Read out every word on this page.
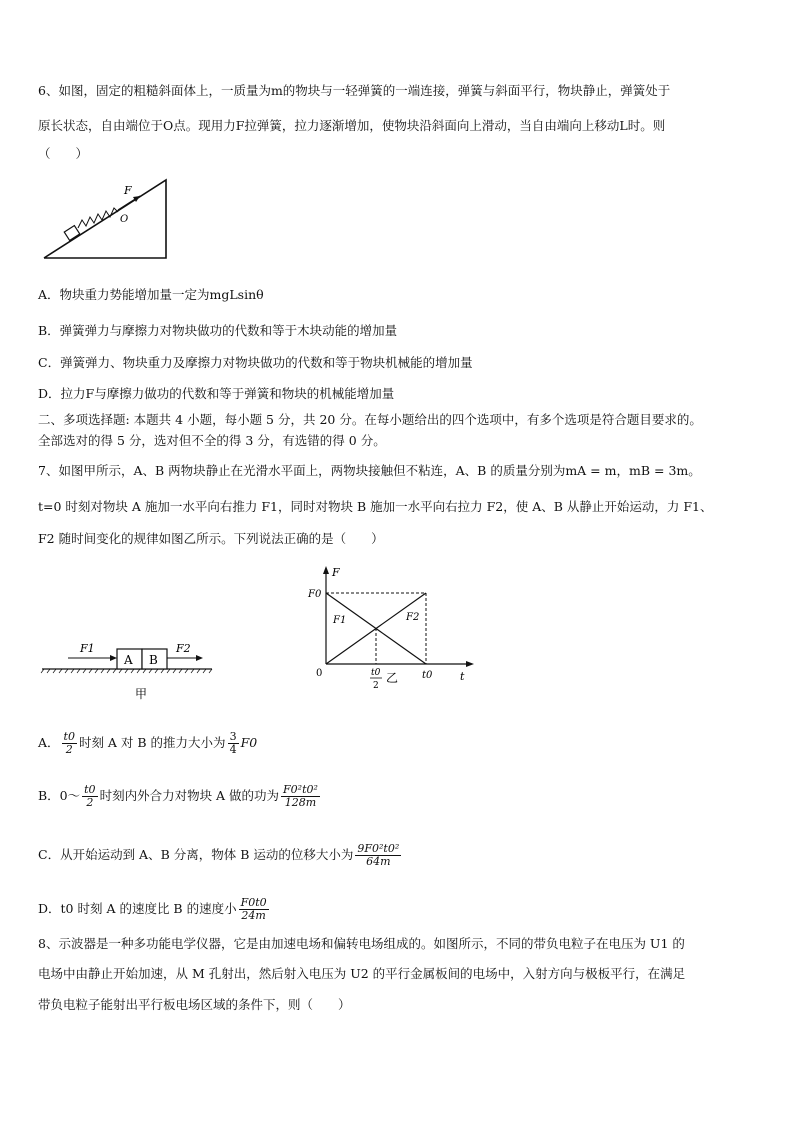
6、如图，固定的粗糙斜面体上，一质量为m的物块与一轻弹簧的一端连接，弹簧与斜面平行，物块静止，弹簧处于
原长状态，自由端位于O点。现用力F拉弹簧，拉力逐渐增加，使物块沿斜面向上滑动，当自由端向上移动L时。则
（　　）
F
O
A．物块重力势能增加量一定为mgLsinθ
B．弹簧弹力与摩擦力对物块做功的代数和等于木块动能的增加量
C．弹簧弹力、物块重力及摩擦力对物块做功的代数和等于物块机械能的增加量
D．拉力F与摩擦力做功的代数和等于弹簧和物块的机械能增加量
二、多项选择题: 本题共 4 小题，每小题 5 分，共 20 分。在每小题给出的四个选项中，有多个选项是符合题目要求的。
全部选对的得 5 分，选对但不全的得 3 分，有选错的得 0 分。
7、如图甲所示，A、B 两物块静止在光滑水平面上，两物块接触但不粘连，A、B 的质量分别为mA = m，mB = 3m。
t=0 时刻对物块 A 施加一水平向右推力 F1，同时对物块 B 施加一水平向右拉力 F2，使 A、B 从静止开始运动，力 F1、
F2 随时间变化的规律如图乙所示。下列说法正确的是（　　）
A B
F1	F2
甲
F
t
F0
0	t0
t0
2
F1	F2
乙
A． $\frac{t0}{2}$ 时刻 A 对 B 的推力大小为 $\frac{3}{4} F0$
B．0～ $\frac{t0}{2}$ 时刻内外合力对物块 A 做的功为 $\frac{\text{F0²t0²}}{128m}$
C．从开始运动到 A、B 分离，物体 B 运动的位移大小为 $\frac{\text{9F0²t0²}}{64m}$
D．t0 时刻 A 的速度比 B 的速度小 $\frac{F0t0}{24m}$
8、示波器是一种多功能电学仪器，它是由加速电场和偏转电场组成的。如图所示，不同的带负电粒子在电压为 U1 的
电场中由静止开始加速，从 M 孔射出，然后射入电压为 U2 的平行金属板间的电场中，入射方向与极板平行，在满足
带负电粒子能射出平行板电场区域的条件下，则（　　）
